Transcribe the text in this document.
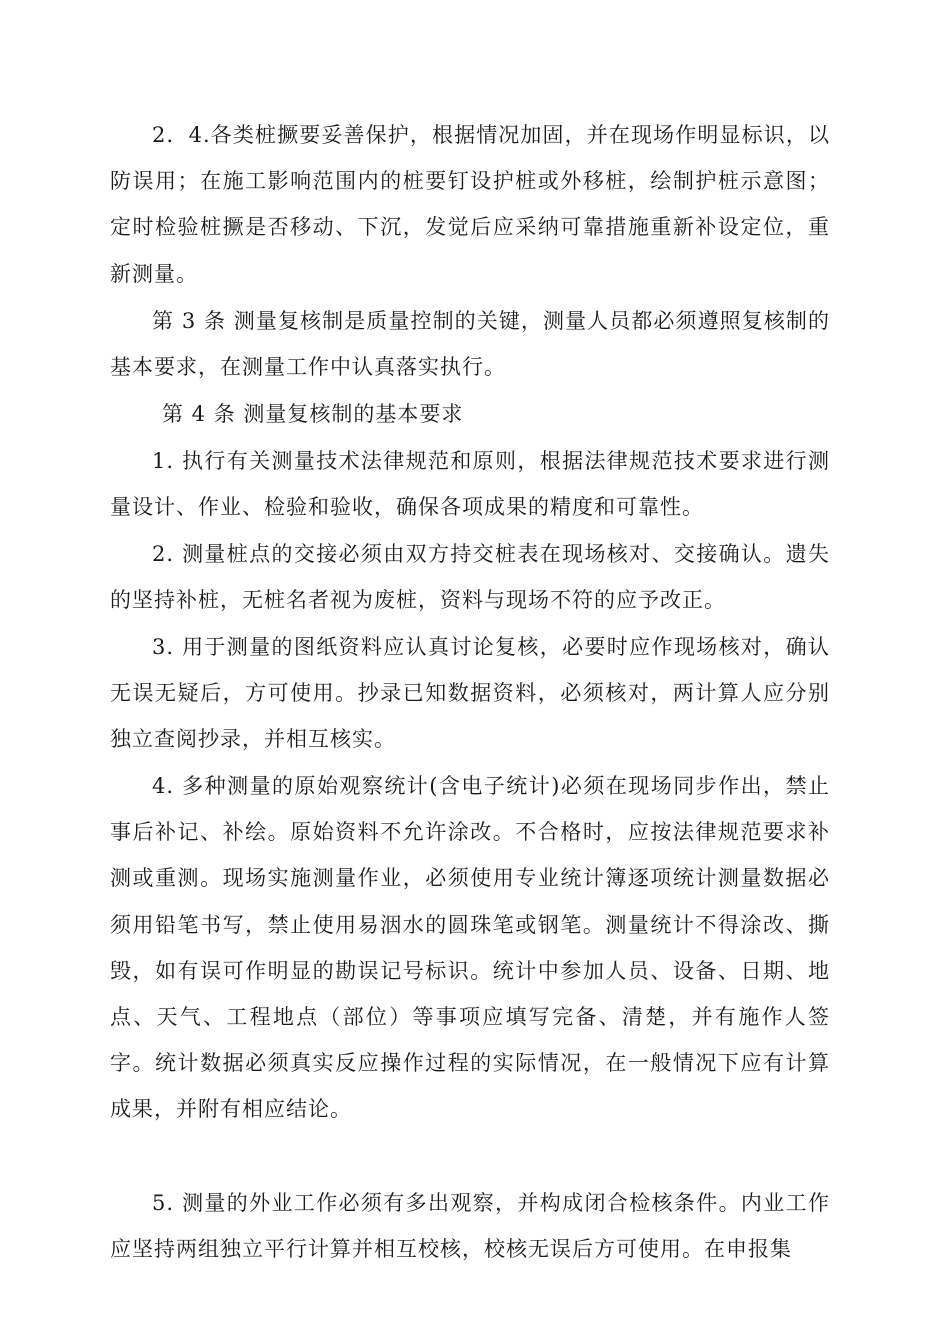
2．4.各类桩撅要妥善保护，根据情况加固，并在现场作明显标识，以防误用；在施工影响范围内的桩要钉设护桩或外移桩，绘制护桩示意图；定时检验桩撅是否移动、下沉，发觉后应采纳可靠措施重新补设定位，重新测量。

第 3 条 测量复核制是质量控制的关键，测量人员都必须遵照复核制的基本要求，在测量工作中认真落实执行。

第 4 条 测量复核制的基本要求

1. 执行有关测量技术法律规范和原则，根据法律规范技术要求进行测量设计、作业、检验和验收，确保各项成果的精度和可靠性。

2. 测量桩点的交接必须由双方持交桩表在现场核对、交接确认。遗失的坚持补桩，无桩名者视为废桩，资料与现场不符的应予改正。

3. 用于测量的图纸资料应认真讨论复核，必要时应作现场核对，确认无误无疑后，方可使用。抄录已知数据资料，必须核对，两计算人应分别独立查阅抄录，并相互核实。

4. 多种测量的原始观察统计(含电子统计)必须在现场同步作出，禁止事后补记、补绘。原始资料不允许涂改。不合格时，应按法律规范要求补测或重测。现场实施测量作业，必须使用专业统计簿逐项统计测量数据必须用铅笔书写，禁止使用易洇水的圆珠笔或钢笔。测量统计不得涂改、撕毁，如有误可作明显的勘误记号标识。统计中参加人员、设备、日期、地点、天气、工程地点（部位）等事项应填写完备、清楚，并有施作人签字。统计数据必须真实反应操作过程的实际情况，在一般情况下应有计算成果，并附有相应结论。

5. 测量的外业工作必须有多出观察，并构成闭合检核条件。内业工作应坚持两组独立平行计算并相互校核，校核无误后方可使用。在申报集
